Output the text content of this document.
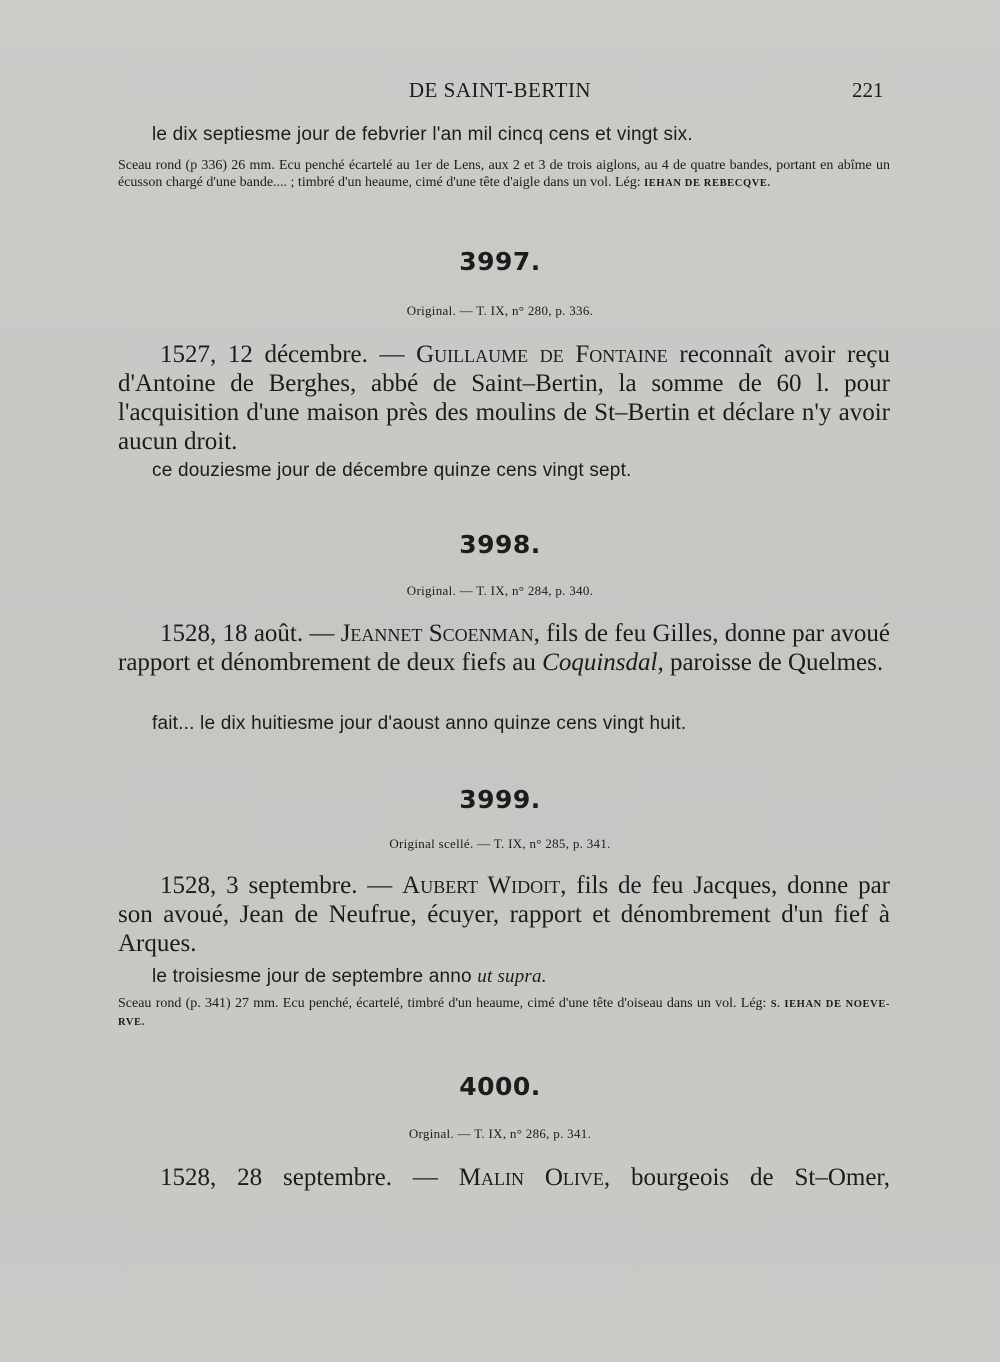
DE SAINT-BERTIN	221
le dix septiesme jour de febvrier l'an mil cincq cens et vingt six.
Sceau rond (p 336) 26 mm. Ecu penché écartelé au 1er de Lens, aux 2 et 3 de trois aiglons, au 4 de quatre bandes, portant en abîme un écusson chargé d'une bande.... ; timbré d'un heaume, cimé d'une tête d'aigle dans un vol. Lég: IEHAN DE REBECQVE.
3997.
Original. — T. IX, n° 280, p. 336.

1527, 12 décembre. — Guillaume de Fontaine reconnaît avoir reçu d'Antoine de Berghes, abbé de Saint–Bertin, la somme de 60 l. pour l'acquisition d'une maison près des moulins de St–Bertin et déclare n'y avoir aucun droit.

ce douziesme jour de décembre quinze cens vingt sept.
3998.
Original. — T. IX, n° 284, p. 340.

1528, 18 août. — Jeannet Scoenman, fils de feu Gilles, donne par avoué rapport et dénombrement de deux fiefs au Coquinsdal, paroisse de Quelmes.

fait... le dix huitiesme jour d'aoust anno quinze cens vingt huit.
3999.
Original scellé. — T. IX, n° 285, p. 341.

1528, 3 septembre. — Aubert Widoit, fils de feu Jacques, donne par son avoué, Jean de Neufrue, écuyer, rapport et dénombrement d'un fief à Arques.

le troisiesme jour de septembre anno ut supra.
Sceau rond (p. 341) 27 mm. Ecu penché, écartelé, timbré d'un heaume, cimé d'une tête d'oiseau dans un vol. Lég: S. IEHAN DE NOEVE-RVE.
4000.
Orginal. — T. IX, n° 286, p. 341.

1528, 28 septembre. — Malin Olive, bourgeois de St–Omer,
